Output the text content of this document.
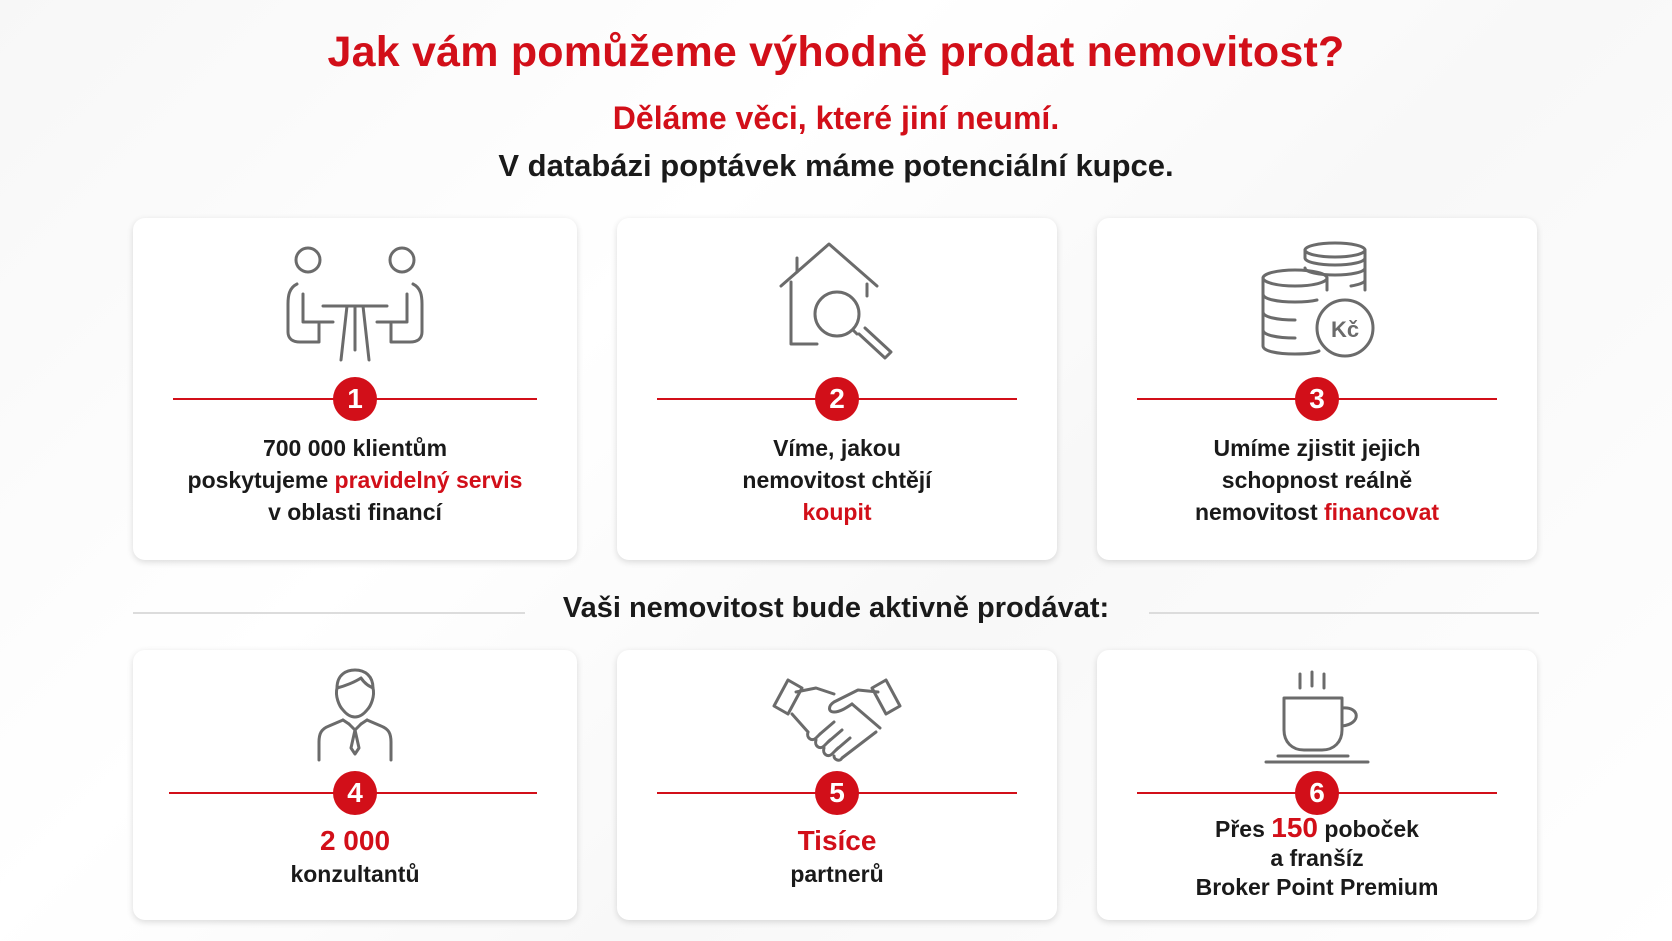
Jak vám pomůžeme výhodně prodat nemovitost?
Děláme věci, které jiní neumí.
V databázi poptávek máme potenciální kupce.
1
700 000 klientům
poskytujeme pravidelný servis
v oblasti financí
2
Víme, jakou
nemovitost chtějí
koupit
Kč
3
Umíme zjistit jejich
schopnost reálně
nemovitost financovat
Vaši nemovitost bude aktivně prodávat:
4
2 000
konzultantů
5
Tisíce
partnerů
6
Přes 150 poboček
a franšíz
Broker Point Premium
